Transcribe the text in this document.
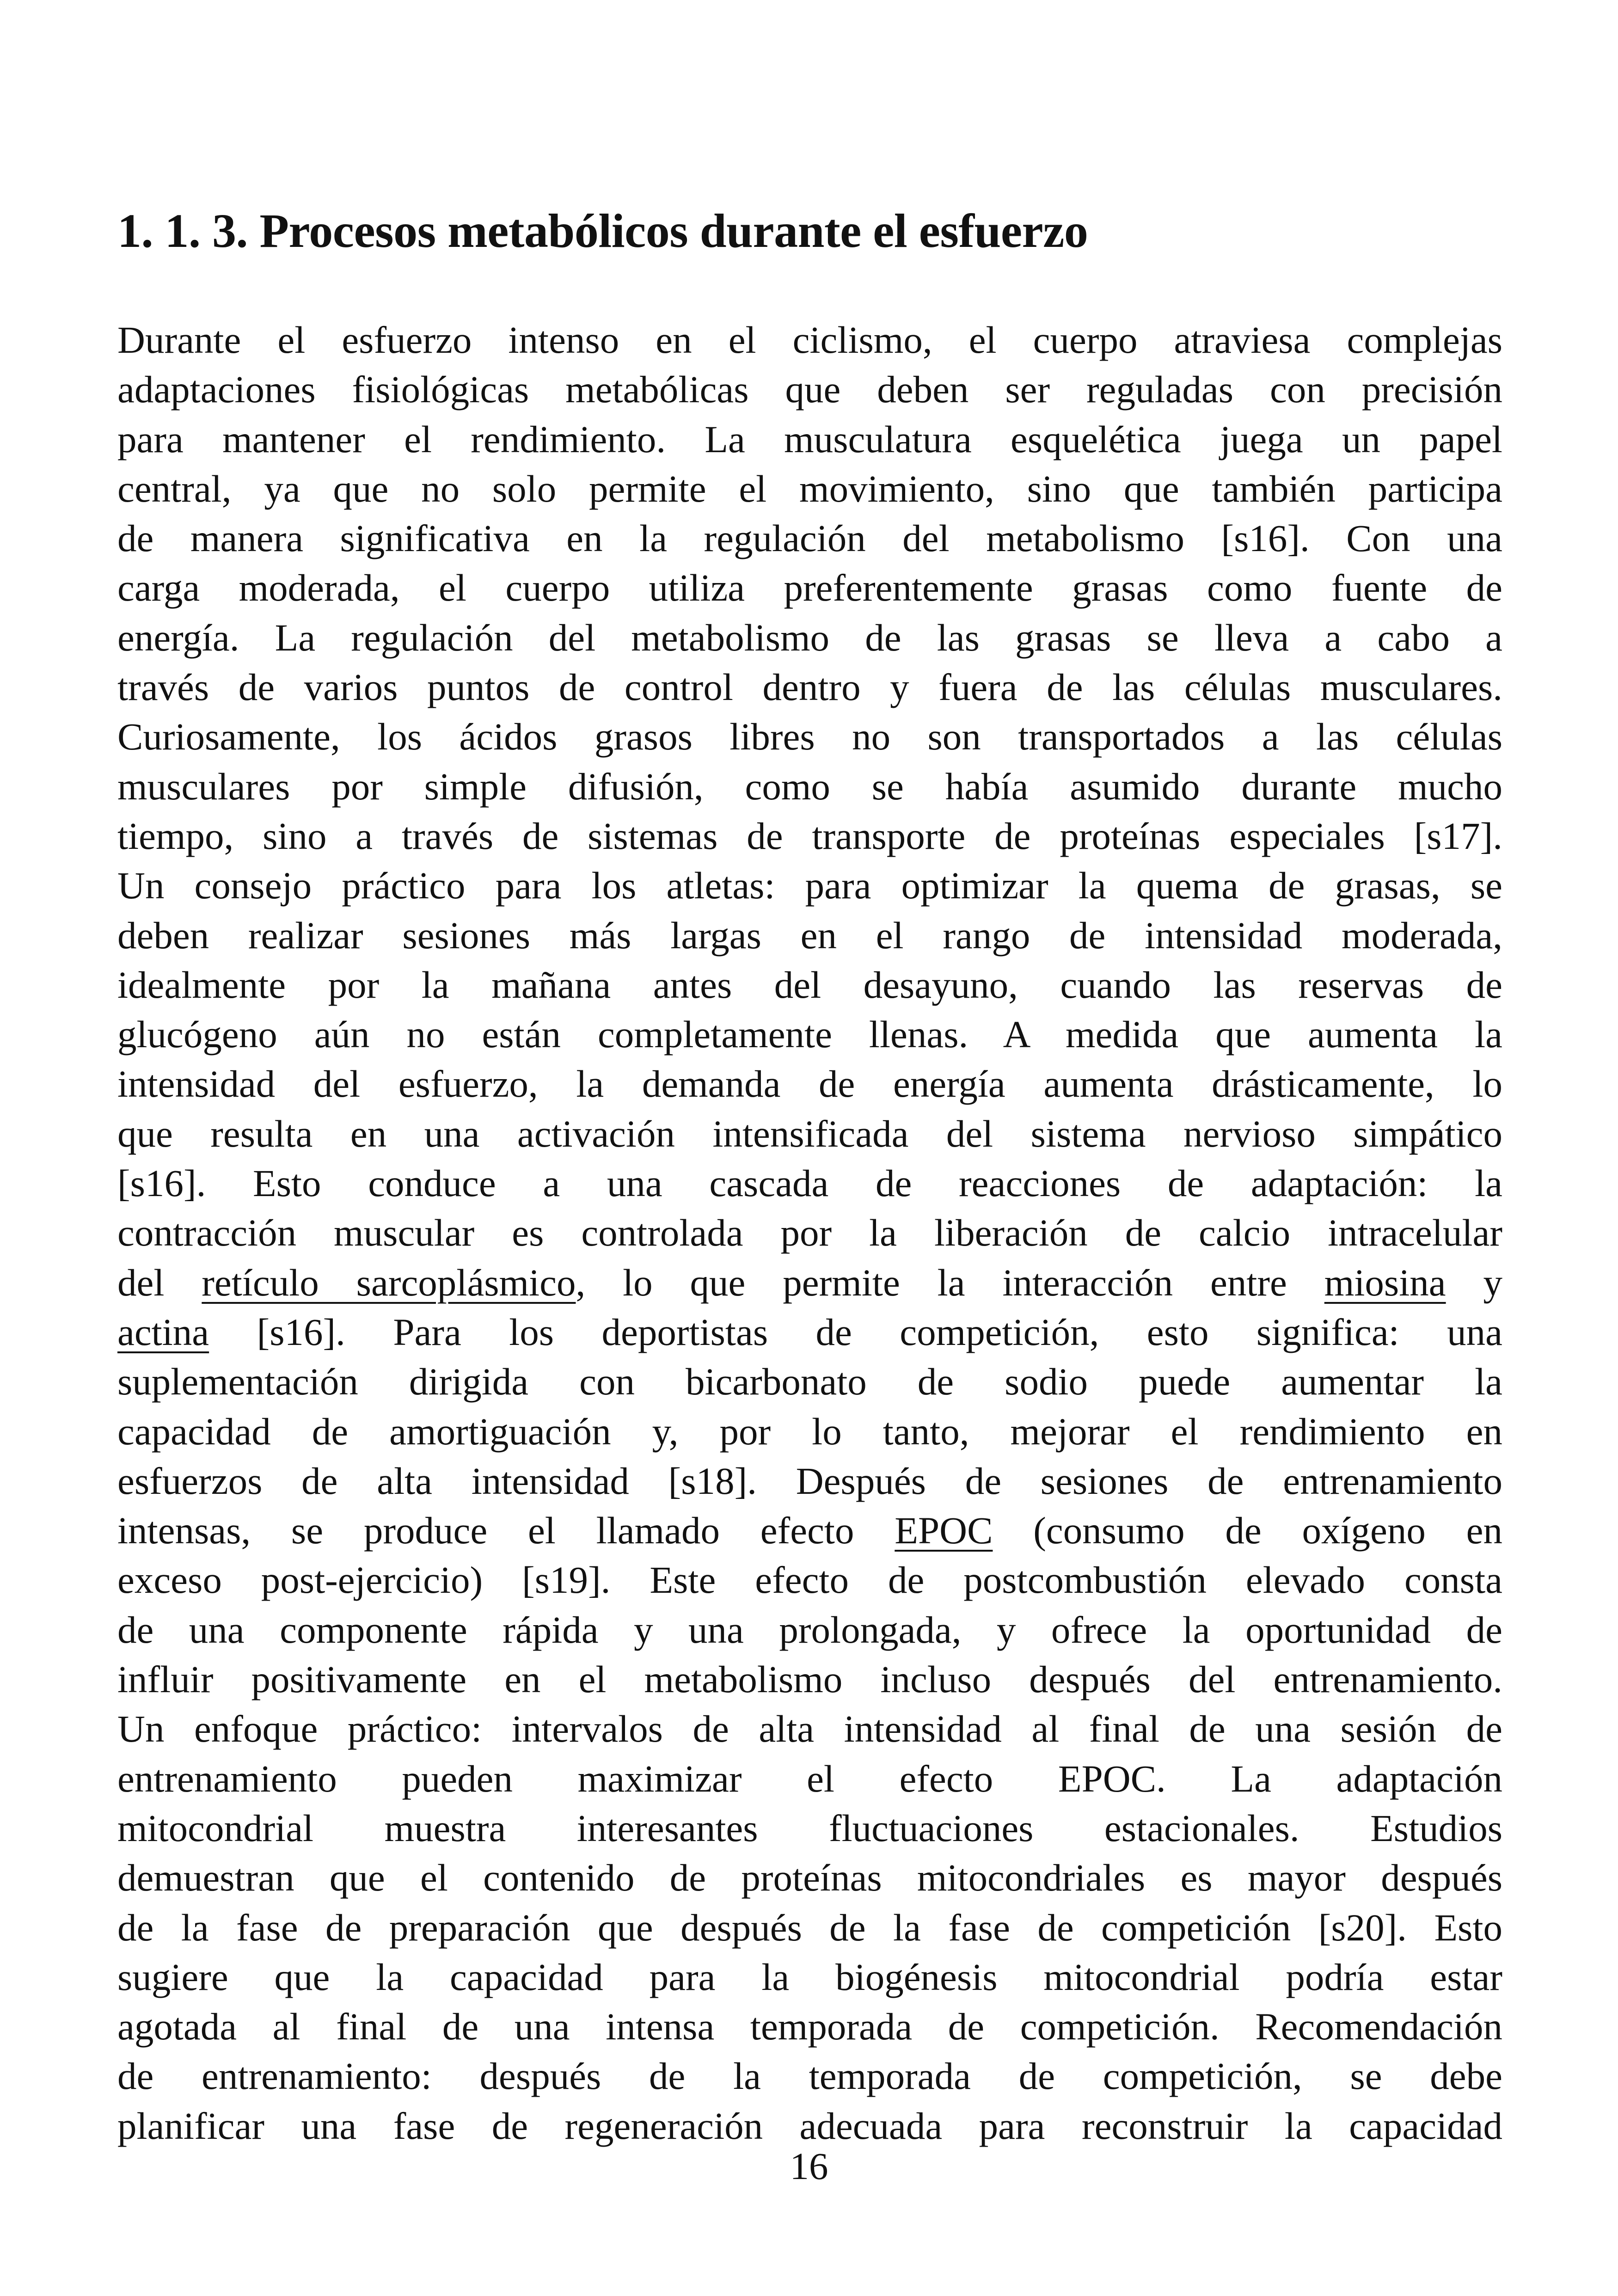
1. 1. 3. Procesos metabólicos durante el esfuerzo
Durante el esfuerzo intenso en el ciclismo, el cuerpo atraviesa complejas
adaptaciones fisiológicas metabólicas que deben ser reguladas con precisión
para mantener el rendimiento. La musculatura esquelética juega un papel
central, ya que no solo permite el movimiento, sino que también participa
de manera significativa en la regulación del metabolismo [s16]. Con una
carga moderada, el cuerpo utiliza preferentemente grasas como fuente de
energía. La regulación del metabolismo de las grasas se lleva a cabo a
través de varios puntos de control dentro y fuera de las células musculares.
Curiosamente, los ácidos grasos libres no son transportados a las células
musculares por simple difusión, como se había asumido durante mucho
tiempo, sino a través de sistemas de transporte de proteínas especiales [s17].
Un consejo práctico para los atletas: para optimizar la quema de grasas, se
deben realizar sesiones más largas en el rango de intensidad moderada,
idealmente por la mañana antes del desayuno, cuando las reservas de
glucógeno aún no están completamente llenas. A medida que aumenta la
intensidad del esfuerzo, la demanda de energía aumenta drásticamente, lo
que resulta en una activación intensificada del sistema nervioso simpático
[s16]. Esto conduce a una cascada de reacciones de adaptación: la
contracción muscular es controlada por la liberación de calcio intracelular
del retículo sarcoplásmico, lo que permite la interacción entre miosina y
actina [s16]. Para los deportistas de competición, esto significa: una
suplementación dirigida con bicarbonato de sodio puede aumentar la
capacidad de amortiguación y, por lo tanto, mejorar el rendimiento en
esfuerzos de alta intensidad [s18]. Después de sesiones de entrenamiento
intensas, se produce el llamado efecto EPOC (consumo de oxígeno en
exceso post-ejercicio) [s19]. Este efecto de postcombustión elevado consta
de una componente rápida y una prolongada, y ofrece la oportunidad de
influir positivamente en el metabolismo incluso después del entrenamiento.
Un enfoque práctico: intervalos de alta intensidad al final de una sesión de
entrenamiento pueden maximizar el efecto EPOC. La adaptación
mitocondrial muestra interesantes fluctuaciones estacionales. Estudios
demuestran que el contenido de proteínas mitocondriales es mayor después
de la fase de preparación que después de la fase de competición [s20]. Esto
sugiere que la capacidad para la biogénesis mitocondrial podría estar
agotada al final de una intensa temporada de competición. Recomendación
de entrenamiento: después de la temporada de competición, se debe
planificar una fase de regeneración adecuada para reconstruir la capacidad
16
